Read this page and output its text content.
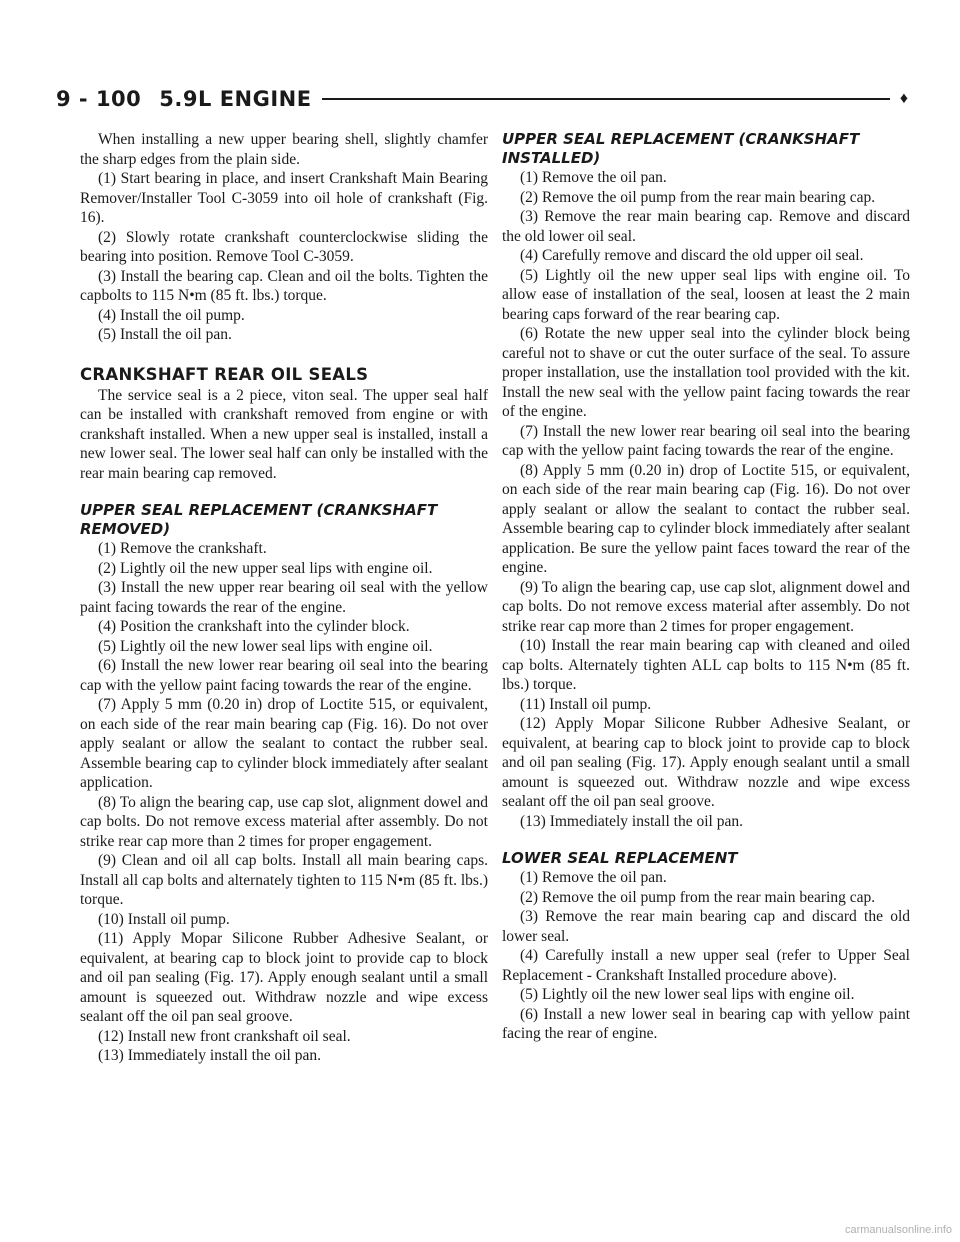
9 - 100 5.9L ENGINE	♦

When installing a new upper bearing shell, slightly chamfer the sharp edges from the plain side.

(1) Start bearing in place, and insert Crankshaft Main Bearing Remover/Installer Tool C-3059 into oil hole of crankshaft (Fig. 16).

(2) Slowly rotate crankshaft counterclockwise sliding the bearing into position. Remove Tool C-3059.

(3) Install the bearing cap. Clean and oil the bolts. Tighten the capbolts to 115 N•m (85 ft. lbs.) torque.

(4) Install the oil pump.

(5) Install the oil pan.

CRANKSHAFT REAR OIL SEALS

The service seal is a 2 piece, viton seal. The upper seal half can be installed with crankshaft removed from engine or with crankshaft installed. When a new upper seal is installed, install a new lower seal. The lower seal half can only be installed with the rear main bearing cap removed.

UPPER SEAL REPLACEMENT (CRANKSHAFT REMOVED)

(1) Remove the crankshaft.

(2) Lightly oil the new upper seal lips with engine oil.

(3) Install the new upper rear bearing oil seal with the yellow paint facing towards the rear of the engine.

(4) Position the crankshaft into the cylinder block.

(5) Lightly oil the new lower seal lips with engine oil.

(6) Install the new lower rear bearing oil seal into the bearing cap with the yellow paint facing towards the rear of the engine.

(7) Apply 5 mm (0.20 in) drop of Loctite 515, or equivalent, on each side of the rear main bearing cap (Fig. 16). Do not over apply sealant or allow the sealant to contact the rubber seal. Assemble bearing cap to cylinder block immediately after sealant application.

(8) To align the bearing cap, use cap slot, alignment dowel and cap bolts. Do not remove excess material after assembly. Do not strike rear cap more than 2 times for proper engagement.

(9) Clean and oil all cap bolts. Install all main bearing caps. Install all cap bolts and alternately tighten to 115 N•m (85 ft. lbs.) torque.

(10) Install oil pump.

(11) Apply Mopar Silicone Rubber Adhesive Sealant, or equivalent, at bearing cap to block joint to provide cap to block and oil pan sealing (Fig. 17). Apply enough sealant until a small amount is squeezed out. Withdraw nozzle and wipe excess sealant off the oil pan seal groove.

(12) Install new front crankshaft oil seal.

(13) Immediately install the oil pan.

UPPER SEAL REPLACEMENT (CRANKSHAFT INSTALLED)

(1) Remove the oil pan.

(2) Remove the oil pump from the rear main bearing cap.

(3) Remove the rear main bearing cap. Remove and discard the old lower oil seal.

(4) Carefully remove and discard the old upper oil seal.

(5) Lightly oil the new upper seal lips with engine oil. To allow ease of installation of the seal, loosen at least the 2 main bearing caps forward of the rear bearing cap.

(6) Rotate the new upper seal into the cylinder block being careful not to shave or cut the outer surface of the seal. To assure proper installation, use the installation tool provided with the kit. Install the new seal with the yellow paint facing towards the rear of the engine.

(7) Install the new lower rear bearing oil seal into the bearing cap with the yellow paint facing towards the rear of the engine.

(8) Apply 5 mm (0.20 in) drop of Loctite 515, or equivalent, on each side of the rear main bearing cap (Fig. 16). Do not over apply sealant or allow the sealant to contact the rubber seal. Assemble bearing cap to cylinder block immediately after sealant application. Be sure the yellow paint faces toward the rear of the engine.

(9) To align the bearing cap, use cap slot, alignment dowel and cap bolts. Do not remove excess material after assembly. Do not strike rear cap more than 2 times for proper engagement.

(10) Install the rear main bearing cap with cleaned and oiled cap bolts. Alternately tighten ALL cap bolts to 115 N•m (85 ft. lbs.) torque.

(11) Install oil pump.

(12) Apply Mopar Silicone Rubber Adhesive Sealant, or equivalent, at bearing cap to block joint to provide cap to block and oil pan sealing (Fig. 17). Apply enough sealant until a small amount is squeezed out. Withdraw nozzle and wipe excess sealant off the oil pan seal groove.

(13) Immediately install the oil pan.

LOWER SEAL REPLACEMENT

(1) Remove the oil pan.

(2) Remove the oil pump from the rear main bearing cap.

(3) Remove the rear main bearing cap and discard the old lower seal.

(4) Carefully install a new upper seal (refer to Upper Seal Replacement - Crankshaft Installed procedure above).

(5) Lightly oil the new lower seal lips with engine oil.

(6) Install a new lower seal in bearing cap with yellow paint facing the rear of engine.

carmanualsonline.info
